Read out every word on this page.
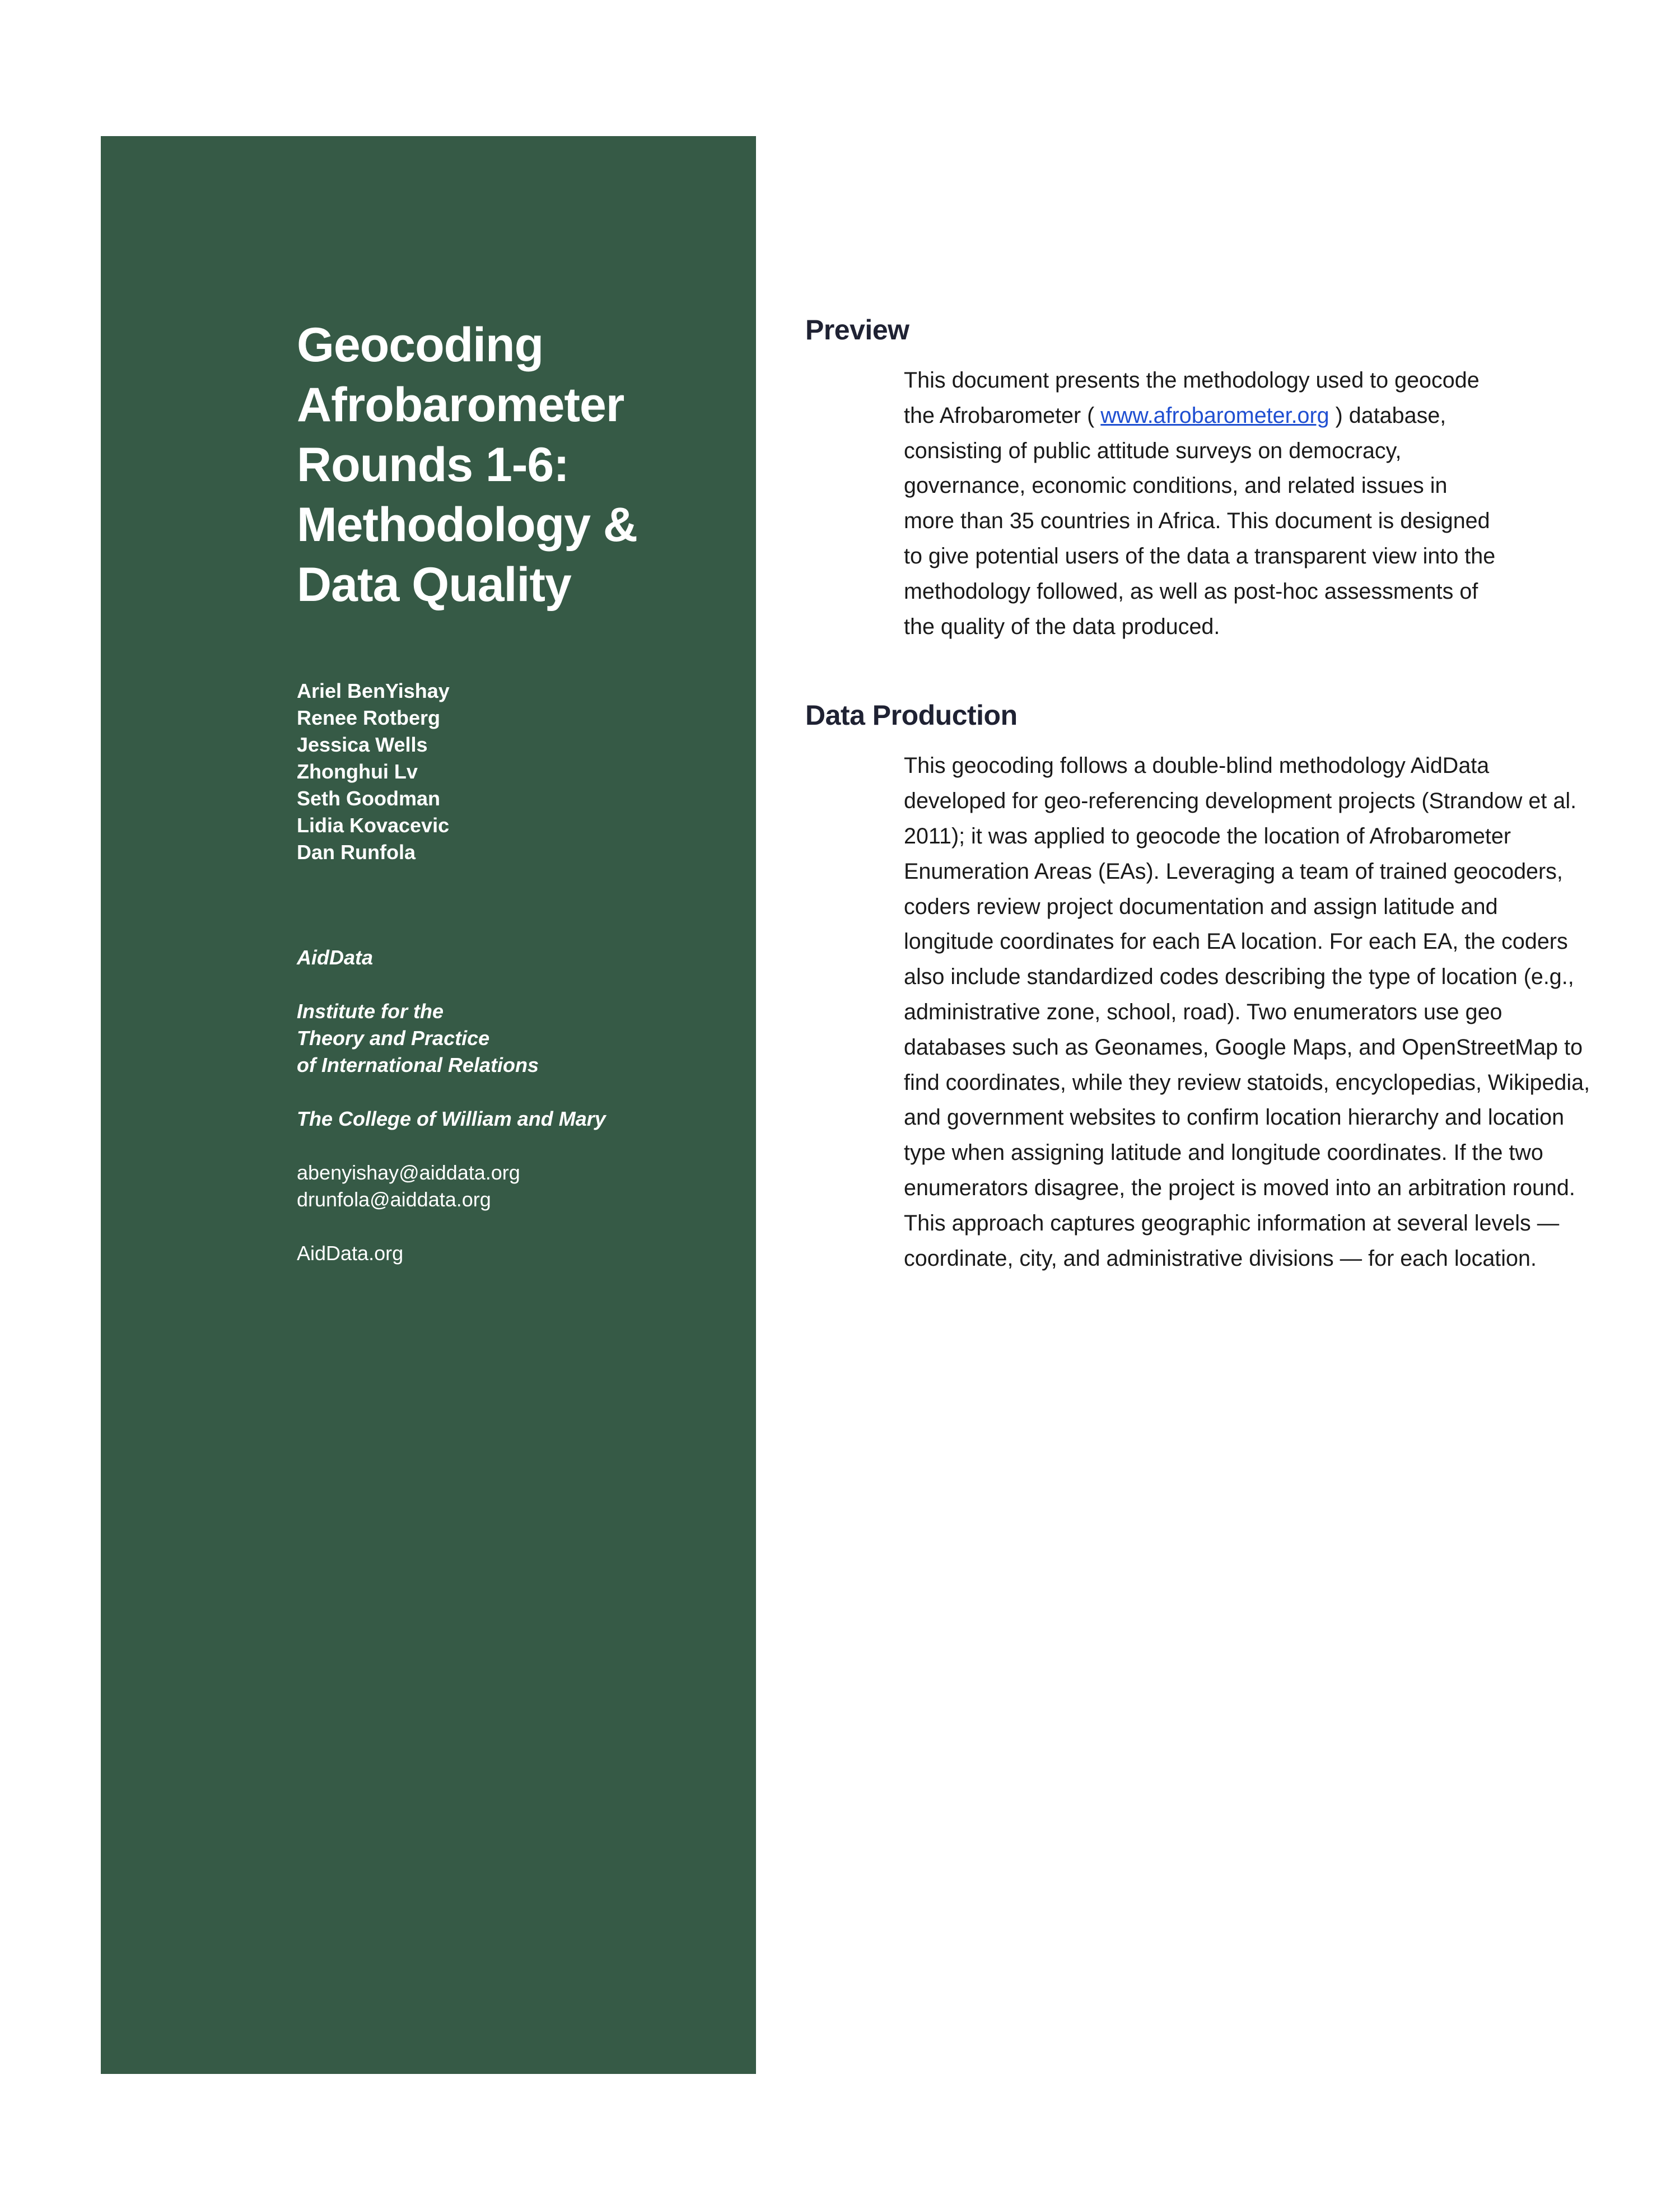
Geocoding
Afrobarometer
Rounds 1-6:
Methodology &
Data Quality
Ariel BenYishay
Renee Rotberg
Jessica Wells
Zhonghui Lv
Seth Goodman
Lidia Kovacevic
Dan Runfola
AidData
Institute for the
Theory and Practice
of International Relations
The College of William and Mary
abenyishay@aiddata.org
drunfola@aiddata.org
AidData.org
AIDDATA
A Research Lab at William & Mary
Preview
This document presents the methodology used to geocode the Afrobarometer ( www.afrobarometer.org ) database, consisting of public attitude surveys on democracy, governance, economic conditions, and related issues in more than 35 countries in Africa. This document is designed to give potential users of the data a transparent view into the methodology followed, as well as post-hoc assessments of the quality of the data produced.
Data Production
This geocoding follows a double-blind methodology AidData developed for geo-referencing development projects (Strandow et al. 2011); it was applied to geocode the location of Afrobarometer Enumeration Areas (EAs). Leveraging a team of trained geocoders, coders review project documentation and assign latitude and longitude coordinates for each EA location. For each EA, the coders also include standardized codes describing the type of location (e.g., administrative zone, school, road). Two enumerators use geo databases such as Geonames, Google Maps, and OpenStreetMap to find coordinates, while they review statoids, encyclopedias, Wikipedia, and government websites to confirm location hierarchy and location type when assigning latitude and longitude coordinates. If the two enumerators disagree, the project is moved into an arbitration round. This approach captures geographic information at several levels — coordinate, city, and administrative divisions — for each location.
